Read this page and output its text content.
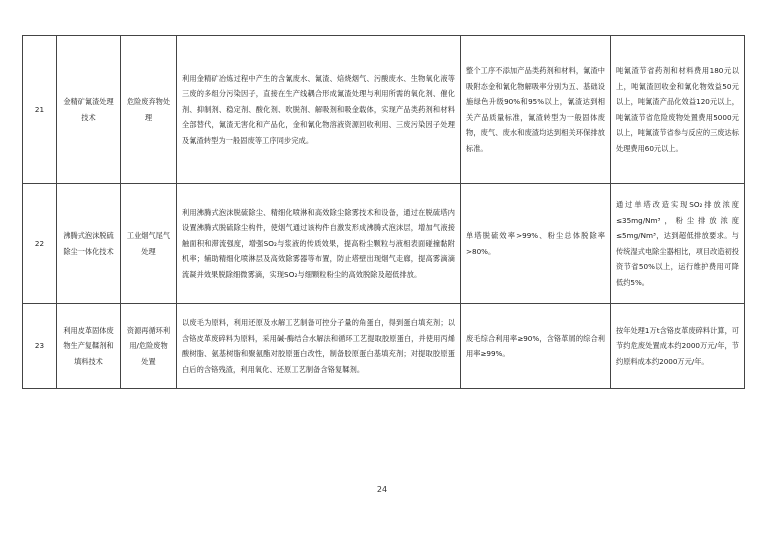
21	金精矿氰渣处理技术	危险废弃物处理	利用金精矿冶炼过程中产生的含氰废水、氰渣、焙烧烟气、污酸废水、生物氧化液等三废的多组分污染因子，直接在生产线耦合形成氰渣处理与利用所需的氧化剂、催化剂、抑制剂、稳定剂、酸化剂、吹脱剂、解吸剂和吸金载体，实现产品类药剂和材料全部替代，氰渣无害化和产品化，金和氰化物溶液资源回收利用、三废污染因子处理及氰渣转型为一般固废等工序同步完成。	整个工序不添加产品类药剂和材料，氰渣中吸附态金和氰化物解吸率分别为五、基础设施绿色升级90%和95%以上，氰渣达到相关产品质量标准，氰渣转型为一般固体废物，废气、废水和废渣均达到相关环保排放标准。	吨氰渣节省药剂和材料费用180元以上，吨氰渣回收金和氰化物效益50元以上，吨氰渣产品化效益120元以上，吨氰渣节省危险废物处置费用5000元以上，吨氰渣节省参与反应的三废达标处理费用60元以上。
22	沸腾式泡沫脱硫除尘一体化技术	工业烟气尾气处理	利用沸腾式泡沫脱硫除尘、精细化喷淋和高效除尘除雾技术和设备，通过在脱硫塔内设置沸腾式脱硫除尘构件，使烟气通过该构件自激发形成沸腾式泡沫层，增加气液接触面积和滞流强度，增强SO₂与浆液的传质效果，提高粉尘颗粒与液相表面碰撞黏附机率；辅助精细化喷淋层及高效除雾器等布置，防止塔壁出现烟气走廊，提高雾滴滴流凝并效果脱除细微雾滴，实现SO₂与细颗粒粉尘的高效脱除及超低排放。	单塔脱硫效率>99%、粉尘总体脱除率>80%。	通过单塔改造实现SO₂排放浓度≤35mg/Nm³，粉尘排放浓度≤5mg/Nm³，达到超低排放要求。与传统湿式电除尘器相比，项目改造初投资节省50%以上，运行维护费用可降低约5%。
23	利用皮革固体废物生产复鞣剂和填料技术	资源再循环利用/危险废物处置	以废毛为原料，利用还原及水解工艺制备可控分子量的角蛋白，得到蛋白填充剂；以含铬皮革废碎料为原料，采用碱-酶结合水解法和循环工艺提取胶原蛋白，并使用丙烯酸树脂、氨基树脂和聚氨酯对胶原蛋白改性，制备胶原蛋白基填充剂；对提取胶原蛋白后的含铬残渣，利用氧化、还原工艺制备含铬复鞣剂。	废毛综合利用率≥90%，含铬革屑的综合利用率≥99%。	按年处理1万t含铬皮革废碎料计算，可节约危废处置成本约2000万元/年，节约原料成本约2000万元/年。
24
